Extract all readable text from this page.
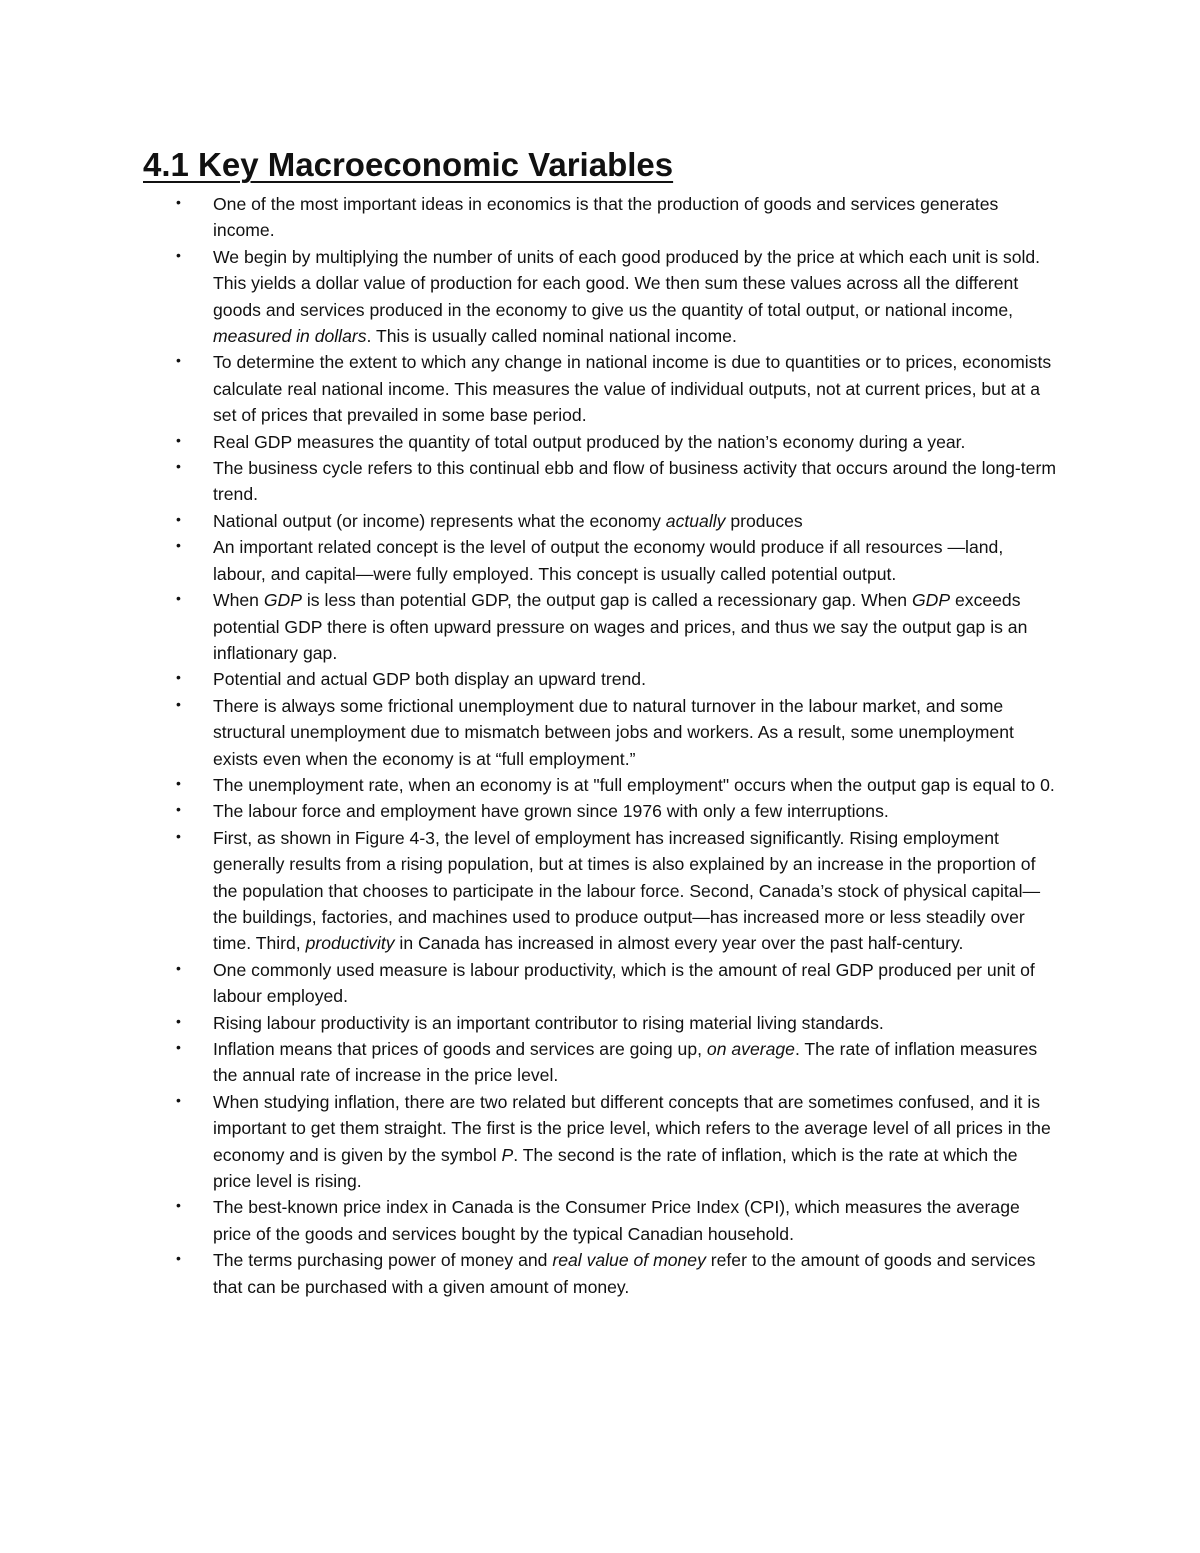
4.1 Key Macroeconomic Variables
• One of the most important ideas in economics is that the production of goods and services generates income.
• We begin by multiplying the number of units of each good produced by the price at which each unit is sold. This yields a dollar value of production for each good. We then sum these values across all the different goods and services produced in the economy to give us the quantity of total output, or national income, measured in dollars. This is usually called nominal national income.
• To determine the extent to which any change in national income is due to quantities or to prices, economists calculate real national income. This measures the value of individual outputs, not at current prices, but at a set of prices that prevailed in some base period.
• Real GDP measures the quantity of total output produced by the nation’s economy during a year.
• The business cycle refers to this continual ebb and flow of business activity that occurs around the long-term trend.
• National output (or income) represents what the economy actually produces
• An important related concept is the level of output the economy would produce if all resources —land, labour, and capital—were fully employed. This concept is usually called potential output.
• When GDP is less than potential GDP, the output gap is called a recessionary gap. When GDP exceeds potential GDP there is often upward pressure on wages and prices, and thus we say the output gap is an inflationary gap.
• Potential and actual GDP both display an upward trend.
• There is always some frictional unemployment due to natural turnover in the labour market, and some structural unemployment due to mismatch between jobs and workers. As a result, some unemployment exists even when the economy is at “full employment.”
• The unemployment rate, when an economy is at "full employment" occurs when the output gap is equal to 0.
• The labour force and employment have grown since 1976 with only a few interruptions.
• First, as shown in Figure 4-3, the level of employment has increased significantly. Rising employment generally results from a rising population, but at times is also explained by an increase in the proportion of the population that chooses to participate in the labour force. Second, Canada’s stock of physical capital—the buildings, factories, and machines used to produce output—has increased more or less steadily over time. Third, productivity in Canada has increased in almost every year over the past half-century.
• One commonly used measure is labour productivity, which is the amount of real GDP produced per unit of labour employed.
• Rising labour productivity is an important contributor to rising material living standards.
• Inflation means that prices of goods and services are going up, on average. The rate of inflation measures the annual rate of increase in the price level.
• When studying inflation, there are two related but different concepts that are sometimes confused, and it is important to get them straight. The first is the price level, which refers to the average level of all prices in the economy and is given by the symbol P. The second is the rate of inflation, which is the rate at which the price level is rising.
• The best-known price index in Canada is the Consumer Price Index (CPI), which measures the average price of the goods and services bought by the typical Canadian household.
• The terms purchasing power of money and real value of money refer to the amount of goods and services that can be purchased with a given amount of money.
